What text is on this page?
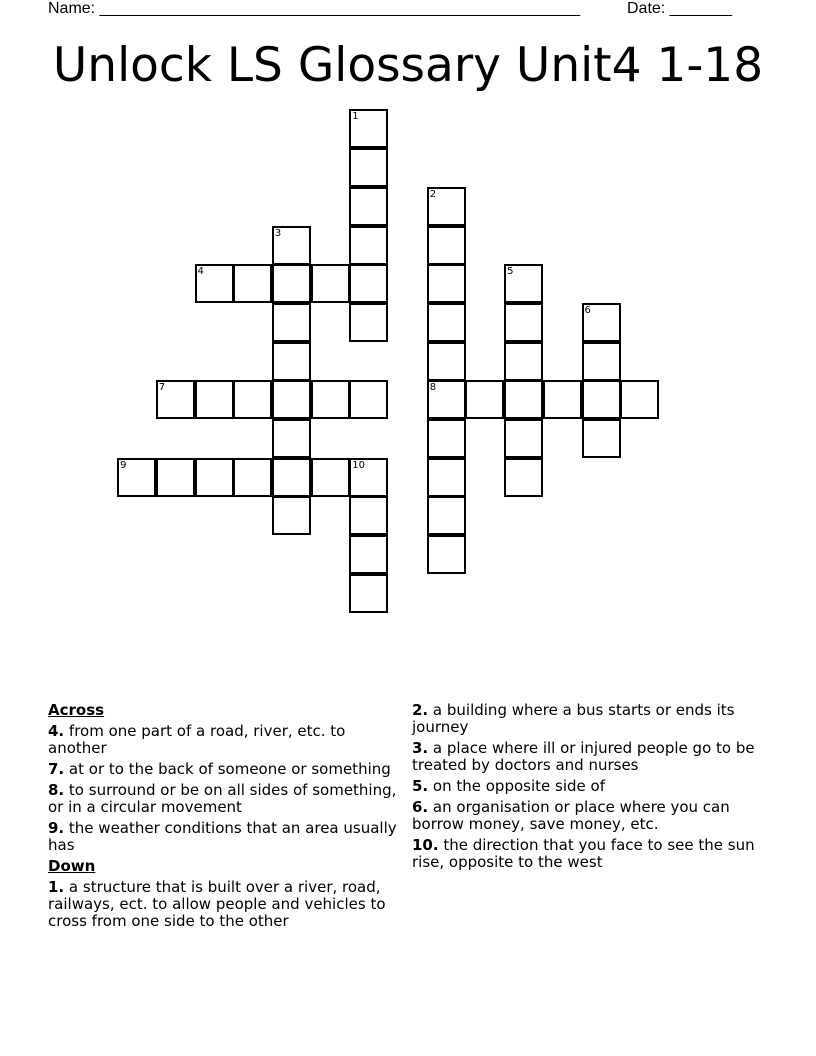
Name: ______________________________________________________	Date: _______
Unlock LS Glossary Unit4 1-18
1
2
8
3
4	5
6
7
9	10
Across
4. from one part of a road, river, etc. to another
7. at or to the back of someone or something
8. to surround or be on all sides of something, or in a circular movement
9. the weather conditions that an area usually has
Down
1. a structure that is built over a river, road, railways, ect. to allow people and vehicles to cross from one side to the other
2. a building where a bus starts or ends its journey
3. a place where ill or injured people go to be treated by doctors and nurses
5. on the opposite side of
6. an organisation or place where you can borrow money, save money, etc.
10. the direction that you face to see the sun rise, opposite to the west
